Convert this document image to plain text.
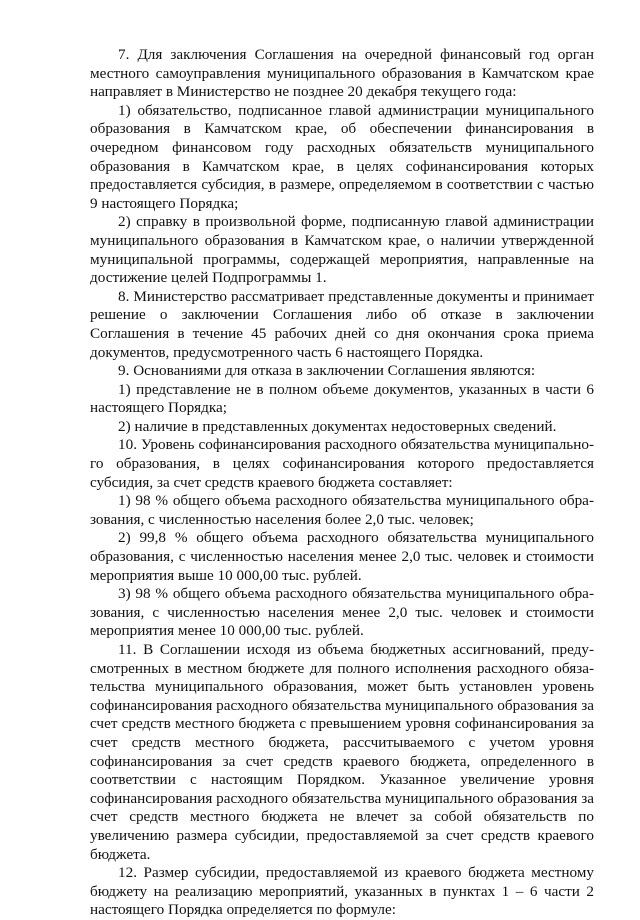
7. Для заключения Соглашения на очередной финансовый год орган местного самоуправления муниципального образования в Камчатском крае направляет в Министерство не позднее 20 декабря текущего года:

1) обязательство, подписанное главой администрации муниципального образования в Камчатском крае, об обеспечении финансирования в очередном финансовом году расходных обязательств муниципального образования в Камчатском крае, в целях софинансирования которых предоставляется субсидия, в размере, определяемом в соответствии с частью 9 настоящего Порядка;

2) справку в произвольной форме, подписанную главой администрации муниципального образования в Камчатском крае, о наличии утвержденной муниципальной программы, содержащей мероприятия, направленные на достижение целей Подпрограммы 1.

8. Министерство рассматривает представленные документы и принимает решение о заключении Соглашения либо об отказе в заключении Соглашения в течение 45 рабочих дней со дня окончания срока приема документов, предусмотренного часть 6 настоящего Порядка.

9. Основаниями для отказа в заключении Соглашения являются:

1) представление не в полном объеме документов, указанных в части 6 настоящего Порядка;

2) наличие в представленных документах недостоверных сведений.

10. Уровень софинансирования расходного обязательства муниципального образования, в целях софинансирования которого предоставляется субсидия, за счет средств краевого бюджета составляет:

1) 98 % общего объема расходного обязательства муниципального образования, с численностью населения более 2,0 тыс. человек;

2) 99,8 % общего объема расходного обязательства муниципального образования, с численностью населения менее 2,0 тыс. человек и стоимости мероприятия выше 10 000,00 тыс. рублей.

3) 98 % общего объема расходного обязательства муниципального образования, с численностью населения менее 2,0 тыс. человек и стоимости мероприятия менее 10 000,00 тыс. рублей.

11. В Соглашении исходя из объема бюджетных ассигнований, предусмотренных в местном бюджете для полного исполнения расходного обязательства муниципального образования, может быть установлен уровень софинансирования расходного обязательства муниципального образования за счет средств местного бюджета с превышением уровня софинансирования за счет средств местного бюджета, рассчитываемого с учетом уровня софинансирования за счет средств краевого бюджета, определенного в соответствии с настоящим Порядком. Указанное увеличение уровня софинансирования расходного обязательства муниципального образования за счет средств местного бюджета не влечет за собой обязательств по увеличению размера субсидии, предоставляемой за счет средств краевого бюджета.

12. Размер субсидии, предоставляемой из краевого бюджета местному бюджету на реализацию мероприятий, указанных в пунктах 1 – 6 части 2 настоящего Порядка определяется по формуле:
